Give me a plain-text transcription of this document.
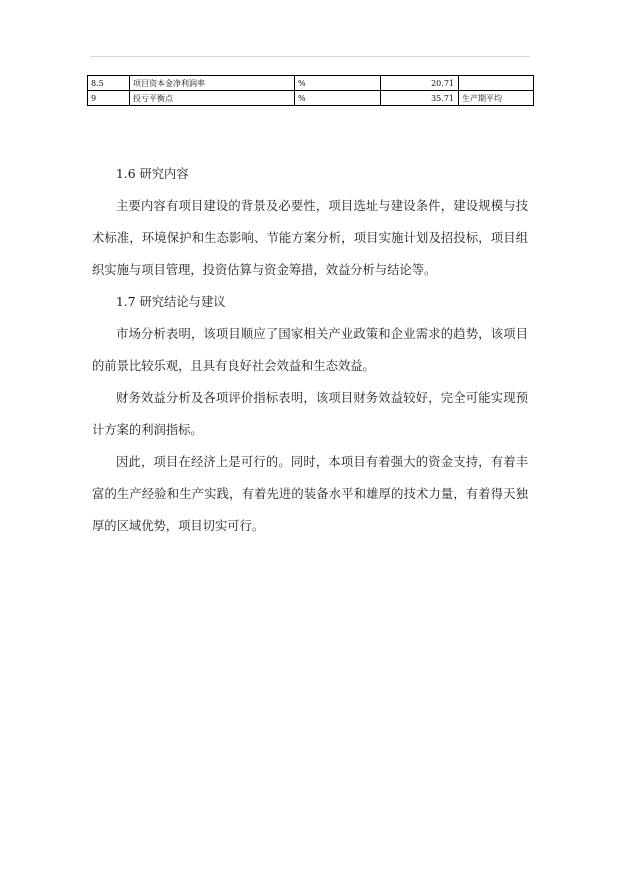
8.5	项目资本金净利润率	%	20.71	
9	投亏平衡点	%	35.71	生产期平均

1.6 研究内容

主要内容有项目建设的背景及必要性，项目选址与建设条件，建设规模与技术标准，环境保护和生态影响、节能方案分析，项目实施计划及招投标，项目组织实施与项目管理，投资估算与资金筹措，效益分析与结论等。

1.7 研究结论与建议

市场分析表明，该项目顺应了国家相关产业政策和企业需求的趋势，该项目的前景比较乐观，且具有良好社会效益和生态效益。

财务效益分析及各项评价指标表明，该项目财务效益较好，完全可能实现预计方案的利润指标。

因此，项目在经济上是可行的。同时，本项目有着强大的资金支持，有着丰富的生产经验和生产实践，有着先进的装备水平和雄厚的技术力量，有着得天独厚的区域优势，项目切实可行。
